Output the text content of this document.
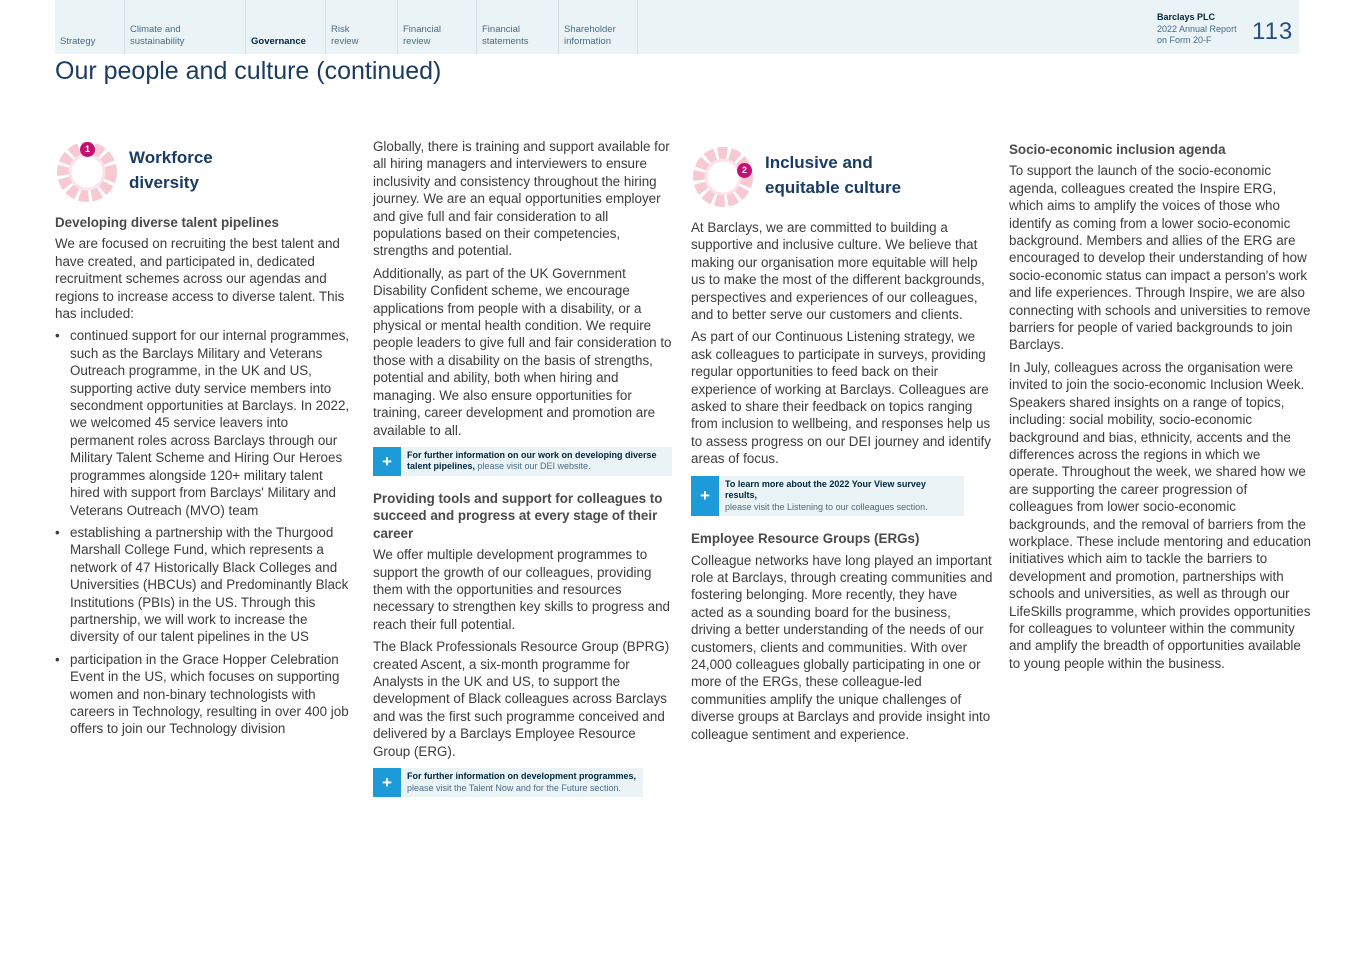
Strategy
Climate and sustainability	Governance
Risk review
Financial review
Financial statements
Shareholder information
Barclays PLC
2022 Annual Report
on Form 20-F	113
Our people and culture (continued)
1 Workforce
diversity
Developing diverse talent pipelines

We are focused on recruiting the best talent and have created, and participated in, dedicated recruitment schemes across our agendas and regions to increase access to diverse talent. This has included:

• continued support for our internal programmes, such as the Barclays Military and Veterans Outreach programme, in the UK and US, supporting active duty service members into secondment opportunities at Barclays. In 2022, we welcomed 45 service leavers into permanent roles across Barclays through our Military Talent Scheme and Hiring Our Heroes programmes alongside 120+ military talent hired with support from Barclays' Military and Veterans Outreach (MVO) team
• establishing a partnership with the Thurgood Marshall College Fund, which represents a network of 47 Historically Black Colleges and Universities (HBCUs) and Predominantly Black Institutions (PBIs) in the US. Through this partnership, we will work to increase the diversity of our talent pipelines in the US
• participation in the Grace Hopper Celebration Event in the US, which focuses on supporting women and non-binary technologists with careers in Technology, resulting in over 400 job offers to join our Technology division

Globally, there is training and support available for all hiring managers and interviewers to ensure inclusivity and consistency throughout the hiring journey. We are an equal opportunities employer and give full and fair consideration to all populations based on their competencies, strengths and potential.

Additionally, as part of the UK Government Disability Confident scheme, we encourage applications from people with a disability, or a physical or mental health condition. We require people leaders to give full and fair consideration to those with a disability on the basis of strengths, potential and ability, both when hiring and managing. We also ensure opportunities for training, career development and promotion are available to all.

+	For further information on our work on developing diverse talent pipelines, please visit our DEI website.
Providing tools and support for colleagues to succeed and progress at every stage of their career

We offer multiple development programmes to support the growth of our colleagues, providing them with the opportunities and resources necessary to strengthen key skills to progress and reach their full potential.

The Black Professionals Resource Group (BPRG) created Ascent, a six-month programme for Analysts in the UK and US, to support the development of Black colleagues across Barclays and was the first such programme conceived and delivered by a Barclays Employee Resource Group (ERG).

+	For further information on development programmes,
please visit the Talent Now and for the Future section.
2 Inclusive and
equitable culture

At Barclays, we are committed to building a supportive and inclusive culture. We believe that making our organisation more equitable will help us to make the most of the different backgrounds, perspectives and experiences of our colleagues, and to better serve our customers and clients.

As part of our Continuous Listening strategy, we ask colleagues to participate in surveys, providing regular opportunities to feed back on their experience of working at Barclays. Colleagues are asked to share their feedback on topics ranging from inclusion to wellbeing, and responses help us to assess progress on our DEI journey and identify areas of focus.

+
To learn more about the 2022 Your View survey results,
please visit the Listening to our colleagues section.
Employee Resource Groups (ERGs)

Colleague networks have long played an important role at Barclays, through creating communities and fostering belonging. More recently, they have acted as a sounding board for the business, driving a better understanding of the needs of our customers, clients and communities. With over 24,000 colleagues globally participating in one or more of the ERGs, these colleague-led communities amplify the unique challenges of diverse groups at Barclays and provide insight into colleague sentiment and experience.

Socio-economic inclusion agenda

To support the launch of the socio-economic agenda, colleagues created the Inspire ERG, which aims to amplify the voices of those who identify as coming from a lower socio-economic background. Members and allies of the ERG are encouraged to develop their understanding of how socio-economic status can impact a person's work and life experiences. Through Inspire, we are also connecting with schools and universities to remove barriers for people of varied backgrounds to join Barclays.

In July, colleagues across the organisation were invited to join the socio-economic Inclusion Week. Speakers shared insights on a range of topics, including: social mobility, socio-economic background and bias, ethnicity, accents and the differences across the regions in which we operate. Throughout the week, we shared how we are supporting the career progression of colleagues from lower socio-economic backgrounds, and the removal of barriers from the workplace. These include mentoring and education initiatives which aim to tackle the barriers to development and promotion, partnerships with schools and universities, as well as through our LifeSkills programme, which provides opportunities for colleagues to volunteer within the community and amplify the breadth of opportunities available to young people within the business.
